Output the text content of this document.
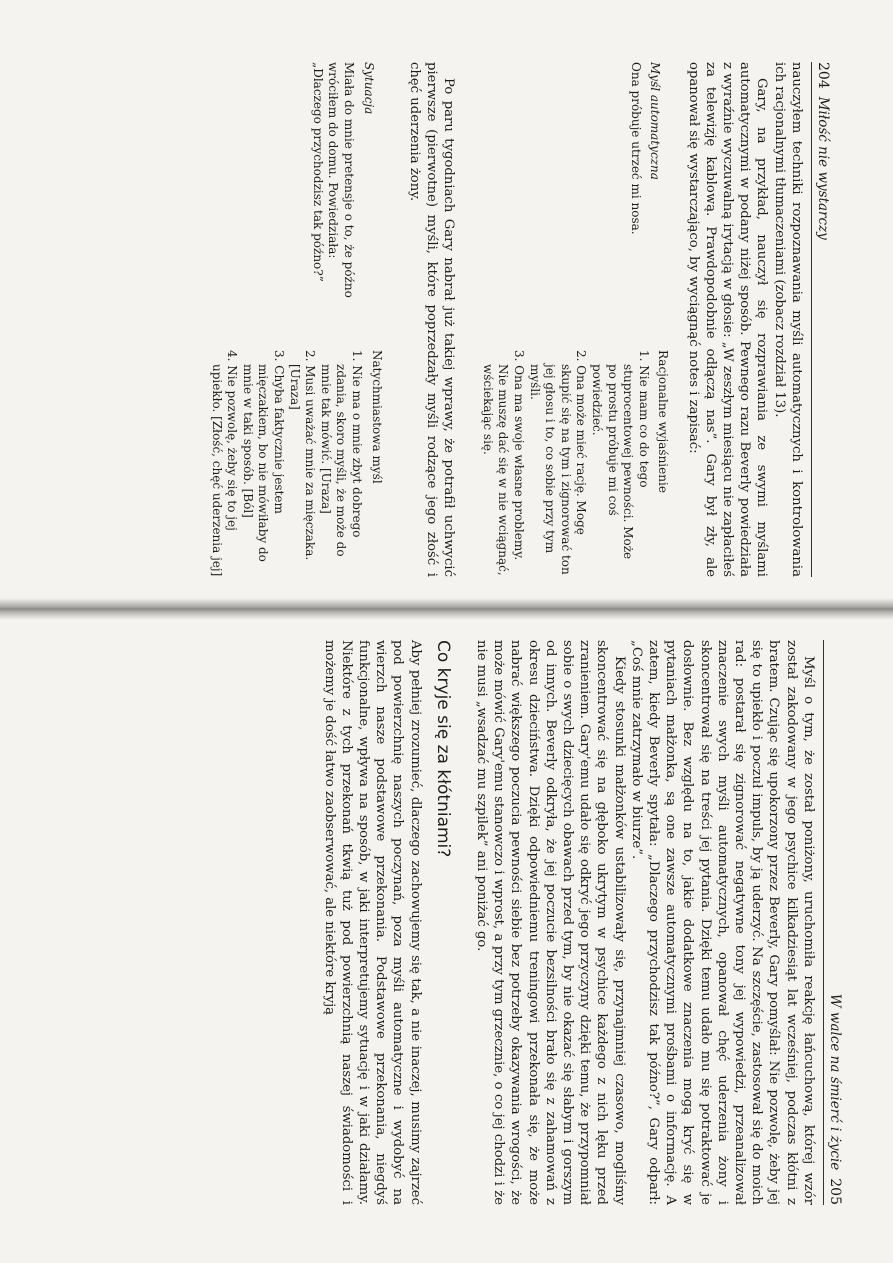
204
Miłość nie wystarczy

nauczyłem techniki rozpoznawania myśli automatycznych i kontrolowania ich racjonalnymi tłumaczeniami (zobacz rozdział 13).

Gary, na przykład, nauczył się rozprawiania ze swymi myślami automatycznymi w podany niżej sposób. Pewnego razu Beverly powiedziała z wyraźnie wyczuwalną irytacją w głosie: „W zeszłym miesiącu nie zapłaciłeś za telewizję kablową. Prawdopodobnie odłączą nas”. Gary był zły, ale opanował się wystarczająco, by wyciągnąć notes i zapisać:

Myśl automatyczna
Ona próbuje utrzeć mi nosa.
Racjonalne wyjaśnienie
1. Nie mam co do tego stuprocentowej pewności. Może po prostu próbuje mi coś powiedzieć.
2. Ona może mieć rację. Mogę skupić się na tym i zignorować ton jej głosu i to, co sobie przy tym myśli.
3. Ona ma swoje własne problemy. Nie muszę dać się w nie wciągnąć, wściekając się.

Po paru tygodniach Gary nabrał już takiej wprawy, że potrafił uchwycić pierwsze (pierwotne) myśli, które poprzedzały myśli rodzące jego złość i chęć uderzenia żony.

Sytuacja
Miała do mnie pretensje o to, że późno wróciłem do domu. Powiedziała: „Dlaczego przychodzisz tak późno?”
Natychmiastowa myśl
1. Nie ma o mnie zbyt dobrego zdania, skoro myśli, że może do mnie tak mówić. [Uraza]
2. Musi uważać mnie za mięczaka. [Uraza]
3. Chyba faktycznie jestem mięczakiem, bo nie mówiłaby do mnie w taki sposób. [Ból]
4. Nie pozwolę, żeby się to jej upiekło. [Złość, chęć uderzenia jej]
W walce na śmierć i życie
205

Myśl o tym, że został poniżony, uruchomiła reakcję łańcuchową, której wzór został zakodowany w jego psychice kilkadziesiąt lat wcześniej, podczas kłótni z bratem. Czując się upokorzony przez Beverly, Gary pomyślał: Nie pozwolę, żeby jej się to upiekło i poczuł impuls, by ją uderzyć. Na szczęście, zastosował się do moich rad: postarał się zignorować negatywne tony jej wypowiedzi, przeanalizował znaczenie swych myśli automatycznych, opanował chęć uderzenia żony i skoncentrował się na treści jej pytania. Dzięki temu udało mu się potraktować je dosłownie. Bez względu na to, jakie dodatkowe znaczenia mogą kryć się w pytaniach małżonka, są one zawsze automatycznymi prośbami o informację. A zatem, kiedy Beverly spytała: „Dlaczego przychodzisz tak późno?”, Gary odparł: „Coś mnie zatrzymało w biurze”.

Kiedy stosunki małżonków ustabilizowały się, przynajmniej czasowo, mogliśmy skoncentrować się na głęboko ukrytym w psychice każdego z nich lęku przed zranieniem. Gary'emu udało się odkryć jego przyczyny dzięki temu, że przypomniał sobie o swych dziecięcych obawach przed tym, by nie okazać się słabym i gorszym od innych. Beverly odkryła, że jej poczucie bezsilności brało się z zahamowań z okresu dzieciństwa. Dzięki odpowiedniemu treningowi przekonała się, że może nabrać większego poczucia pewności siebie bez potrzeby okazywania wrogości, że może mówić Gary'emu stanowczo i wprost, a przy tym grzecznie, o co jej chodzi i że nie musi „wsadzać mu szpilek” ani poniżać go.

Co kryje się za kłótniami?

Aby pełniej zrozumieć, dlaczego zachowujemy się tak, a nie inaczej, musimy zajrzeć pod powierzchnię naszych poczynań, poza myśli automatyczne i wydobyć na wierzch nasze podstawowe przekonania. Podstawowe przekonania, niegdyś funkcjonalne, wpływa na sposób, w jaki interpretujemy sytuację i w jaki działamy. Niektóre z tych przekonań tkwią tuż pod powierzchnią naszej świadomości i możemy je dość łatwo zaobserwować, ale niektóre kryją
